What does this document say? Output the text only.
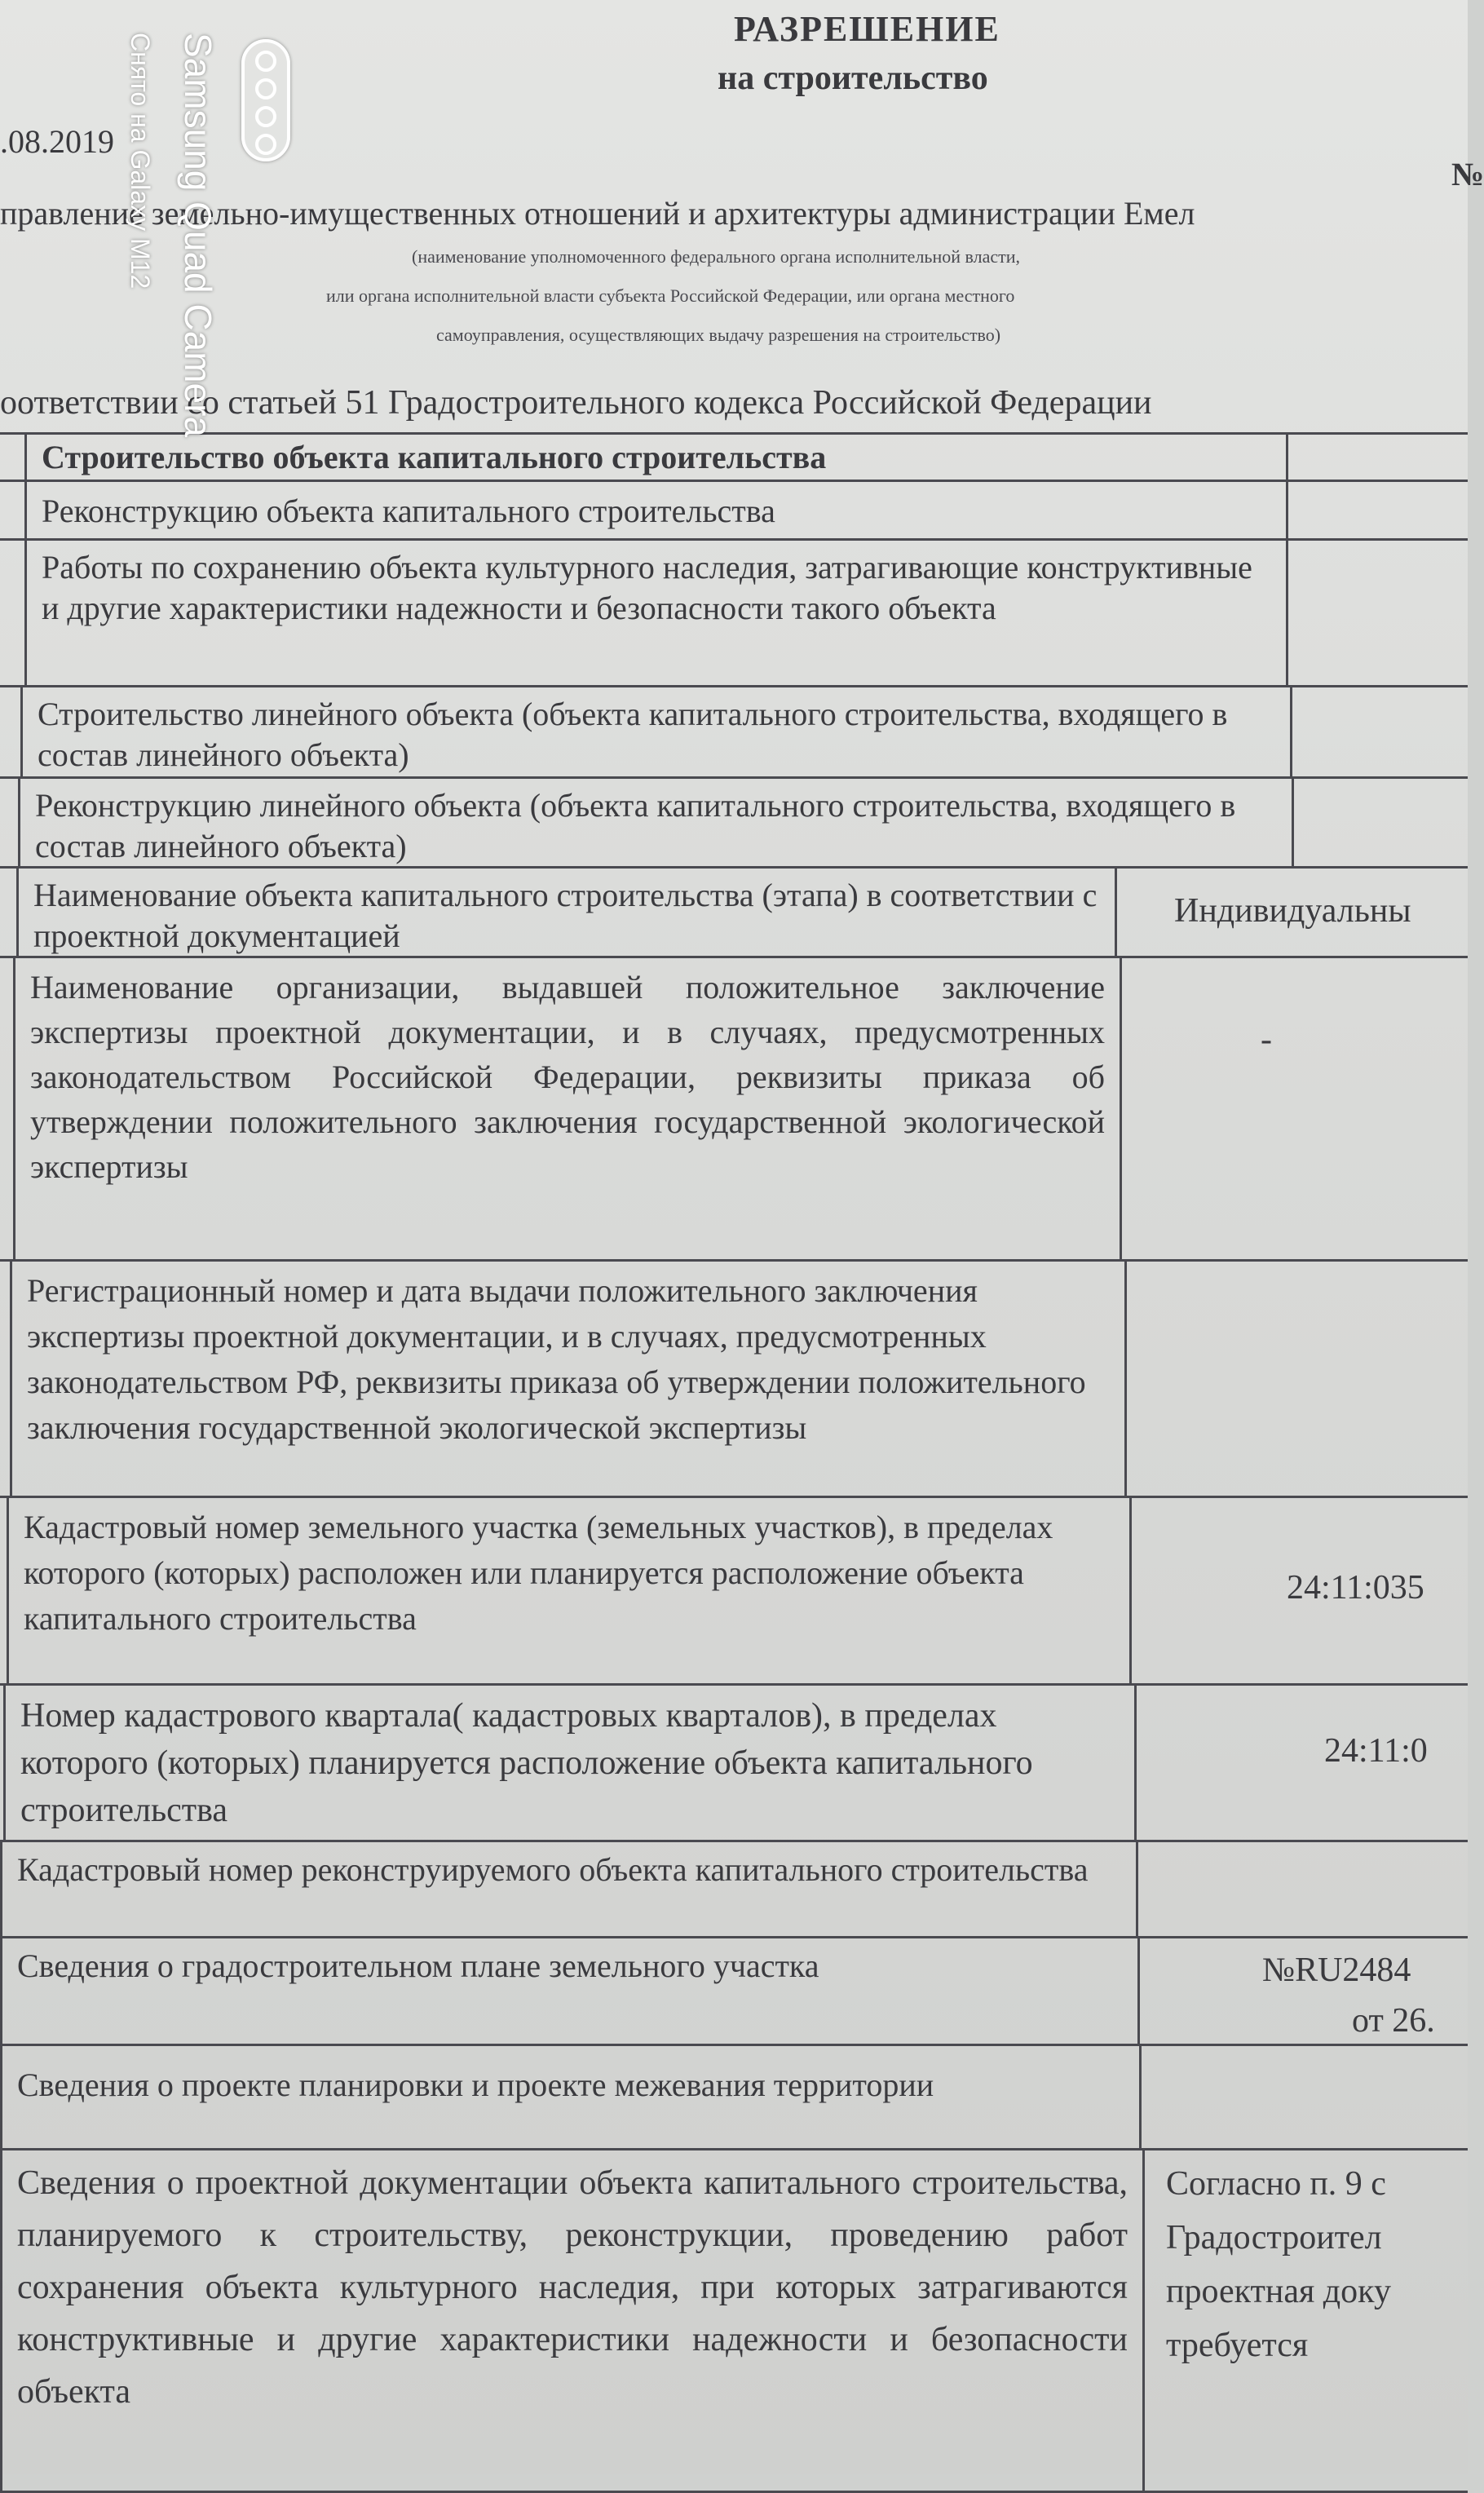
РАЗРЕШЕНИЕ
на строительство
.08.2019
№
правление земельно-имущественных отношений и архитектуры администрации Емел
(наименование уполномоченного федерального органа исполнительной власти,
или органа исполнительной власти субъекта Российской Федерации, или органа местного
самоуправления, осуществляющих выдачу разрешения на строительство)
оответствии со статьей 51 Градостроительного кодекса Российской Федерации
Строительство объекта капитального строительства
Реконструкцию объекта капитального строительства
Работы по сохранению объекта культурного наследия, затрагивающие конструктивные и другие характеристики надежности и безопасности такого объекта
Строительство линейного объекта (объекта капитального строительства, входящего в состав линейного объекта)
Реконструкцию линейного объекта (объекта капитального строительства, входящего в состав линейного объекта)
Наименование объекта капитального строительства (этапа) в соответствии с проектной документацией
Индивидуальны
Наименование организации, выдавшей положительное заключение экспертизы проектной документации, и в случаях, предусмотренных законодательством Российской Федерации, реквизиты приказа об утверждении положительного заключения государственной экологической экспертизы
-
Регистрационный номер и дата выдачи положительного заключения экспертизы проектной документации, и в случаях, предусмотренных законодательством РФ, реквизиты приказа об утверждении положительного заключения государственной экологической экспертизы
Кадастровый номер земельного участка (земельных участков), в пределах которого (которых) расположен или планируется расположение объекта капитального строительства
24:11:035
Номер кадастрового квартала( кадастровых кварталов), в пределах которого (которых) планируется расположение объекта капитального строительства
24:11:0
Кадастровый номер реконструируемого объекта капитального строительства
Сведения о градостроительном плане земельного участка	№RU2484
от 26.
Сведения о проекте планировки и проекте межевания территории
Сведения о проектной документации объекта капитального строительства, планируемого к строительству, реконструкции, проведению работ сохранения объекта культурного наследия, при которых затрагиваются конструктивные и другие характеристики надежности и безопасности объекта
Согласно п. 9 с
Градостроител
проектная доку
требуется
Samsung Quad Camera
Снято на Galaxy M12
